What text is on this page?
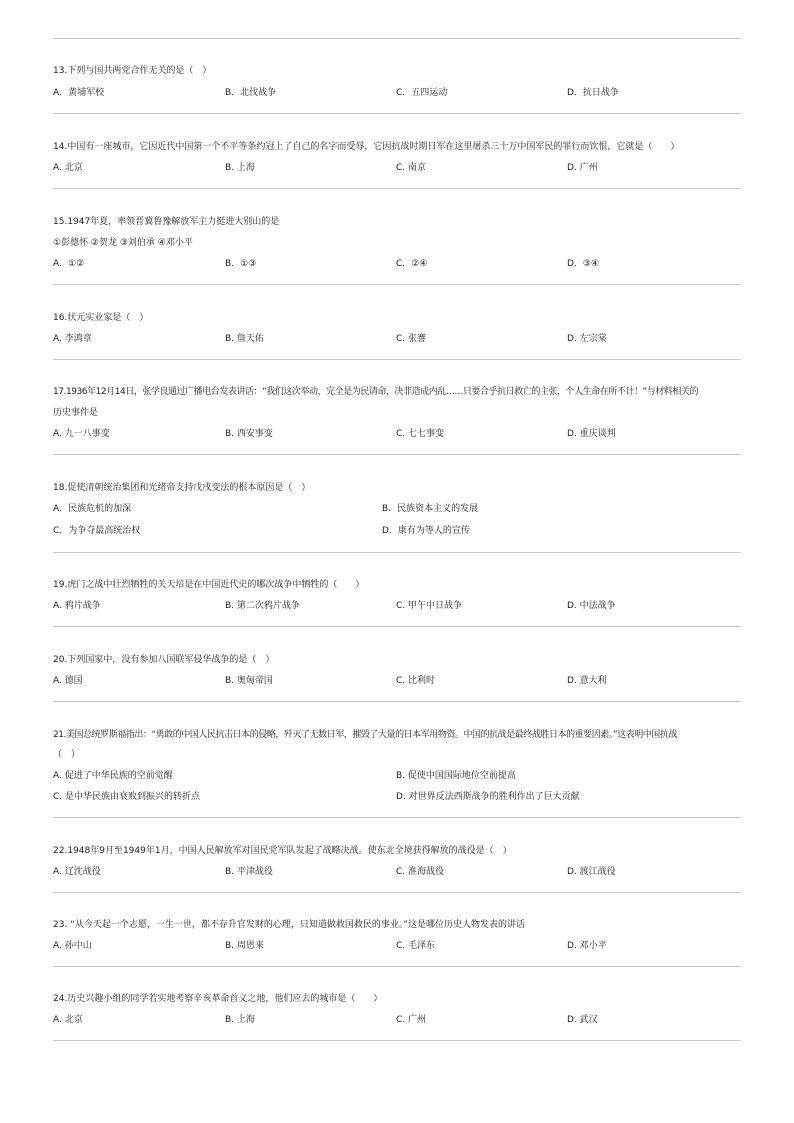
13.下列与国共两党合作无关的是（　）
A．黄埔军校	B．北伐战争	C．五四运动	D．抗日战争
14.中国有一座城市，它因近代中国第一个不平等条约冠上了自己的名字而受辱，它因抗战时期日军在这里屠杀三十万中国军民的罪行而饮恨，它就是（　　）
A. 北京	B. 上海	C. 南京	D. 广州
15.1947年夏，率领晋冀鲁豫解放军主力挺进大别山的是
①彭德怀 ②贺龙 ③刘伯承 ④邓小平
A．①②	B．①③	C．②④	D．③④
16.状元实业家是（　）
A. 李鸿章	B. 詹天佑	C. 张謇	D. 左宗棠
17.1936年12月14日，张学良通过广播电台发表讲话：“我们这次举动，完全是为民请命，决非造成内乱……只要合乎抗日救亡的主张，个人生命在所不计！”与材料相关的
历史事件是
A. 九一八事变	B. 西安事变	C. 七七事变	D. 重庆谈判
18.促使清朝统治集团和光绪帝支持戊戌变法的根本原因是（　）
A．民族危机的加深	B．民族资本主义的发展
C．为争夺最高统治权	D．康有为等人的宣传
19.虎门之战中壮烈牺牲的关天培是在中国近代史的哪次战争中牺牲的（　　）
A. 鸦片战争	B. 第二次鸦片战争	C. 甲午中日战争	D. 中法战争
20.下列国家中，没有参加八国联军侵华战争的是（　）
A. 德国	B. 奥匈帝国	C. 比利时	D. 意大利
21.美国总统罗斯福指出：“勇敢的中国人民抗击日本的侵略，歼灭了无数日军，摧毁了大量的日本军用物资。中国的抗战是最终战胜日本的重要因素。”这表明中国抗战
（　）
A. 促进了中华民族的空前觉醒	B. 促使中国国际地位空前提高
C. 是中华民族由衰败到振兴的转折点	D. 对世界反法西斯战争的胜利作出了巨大贡献
22.1948年9月至1949年1月，中国人民解放军对国民党军队发起了战略决战。使东北全境获得解放的战役是（　）
A. 辽沈战役	B. 平津战役	C. 淮海战役	D. 渡江战役
23. “从今天起一个志愿，一生一世，都不存升官发财的心理，只知道做救国救民的事业。”这是哪位历史人物发表的讲话
A. 孙中山	B. 周恩来	C. 毛泽东	D. 邓小平
24.历史兴趣小组的同学若实地考察辛亥革命首义之地，他们应去的城市是（　　）
A. 北京	B. 上海	C. 广州	D. 武汉
